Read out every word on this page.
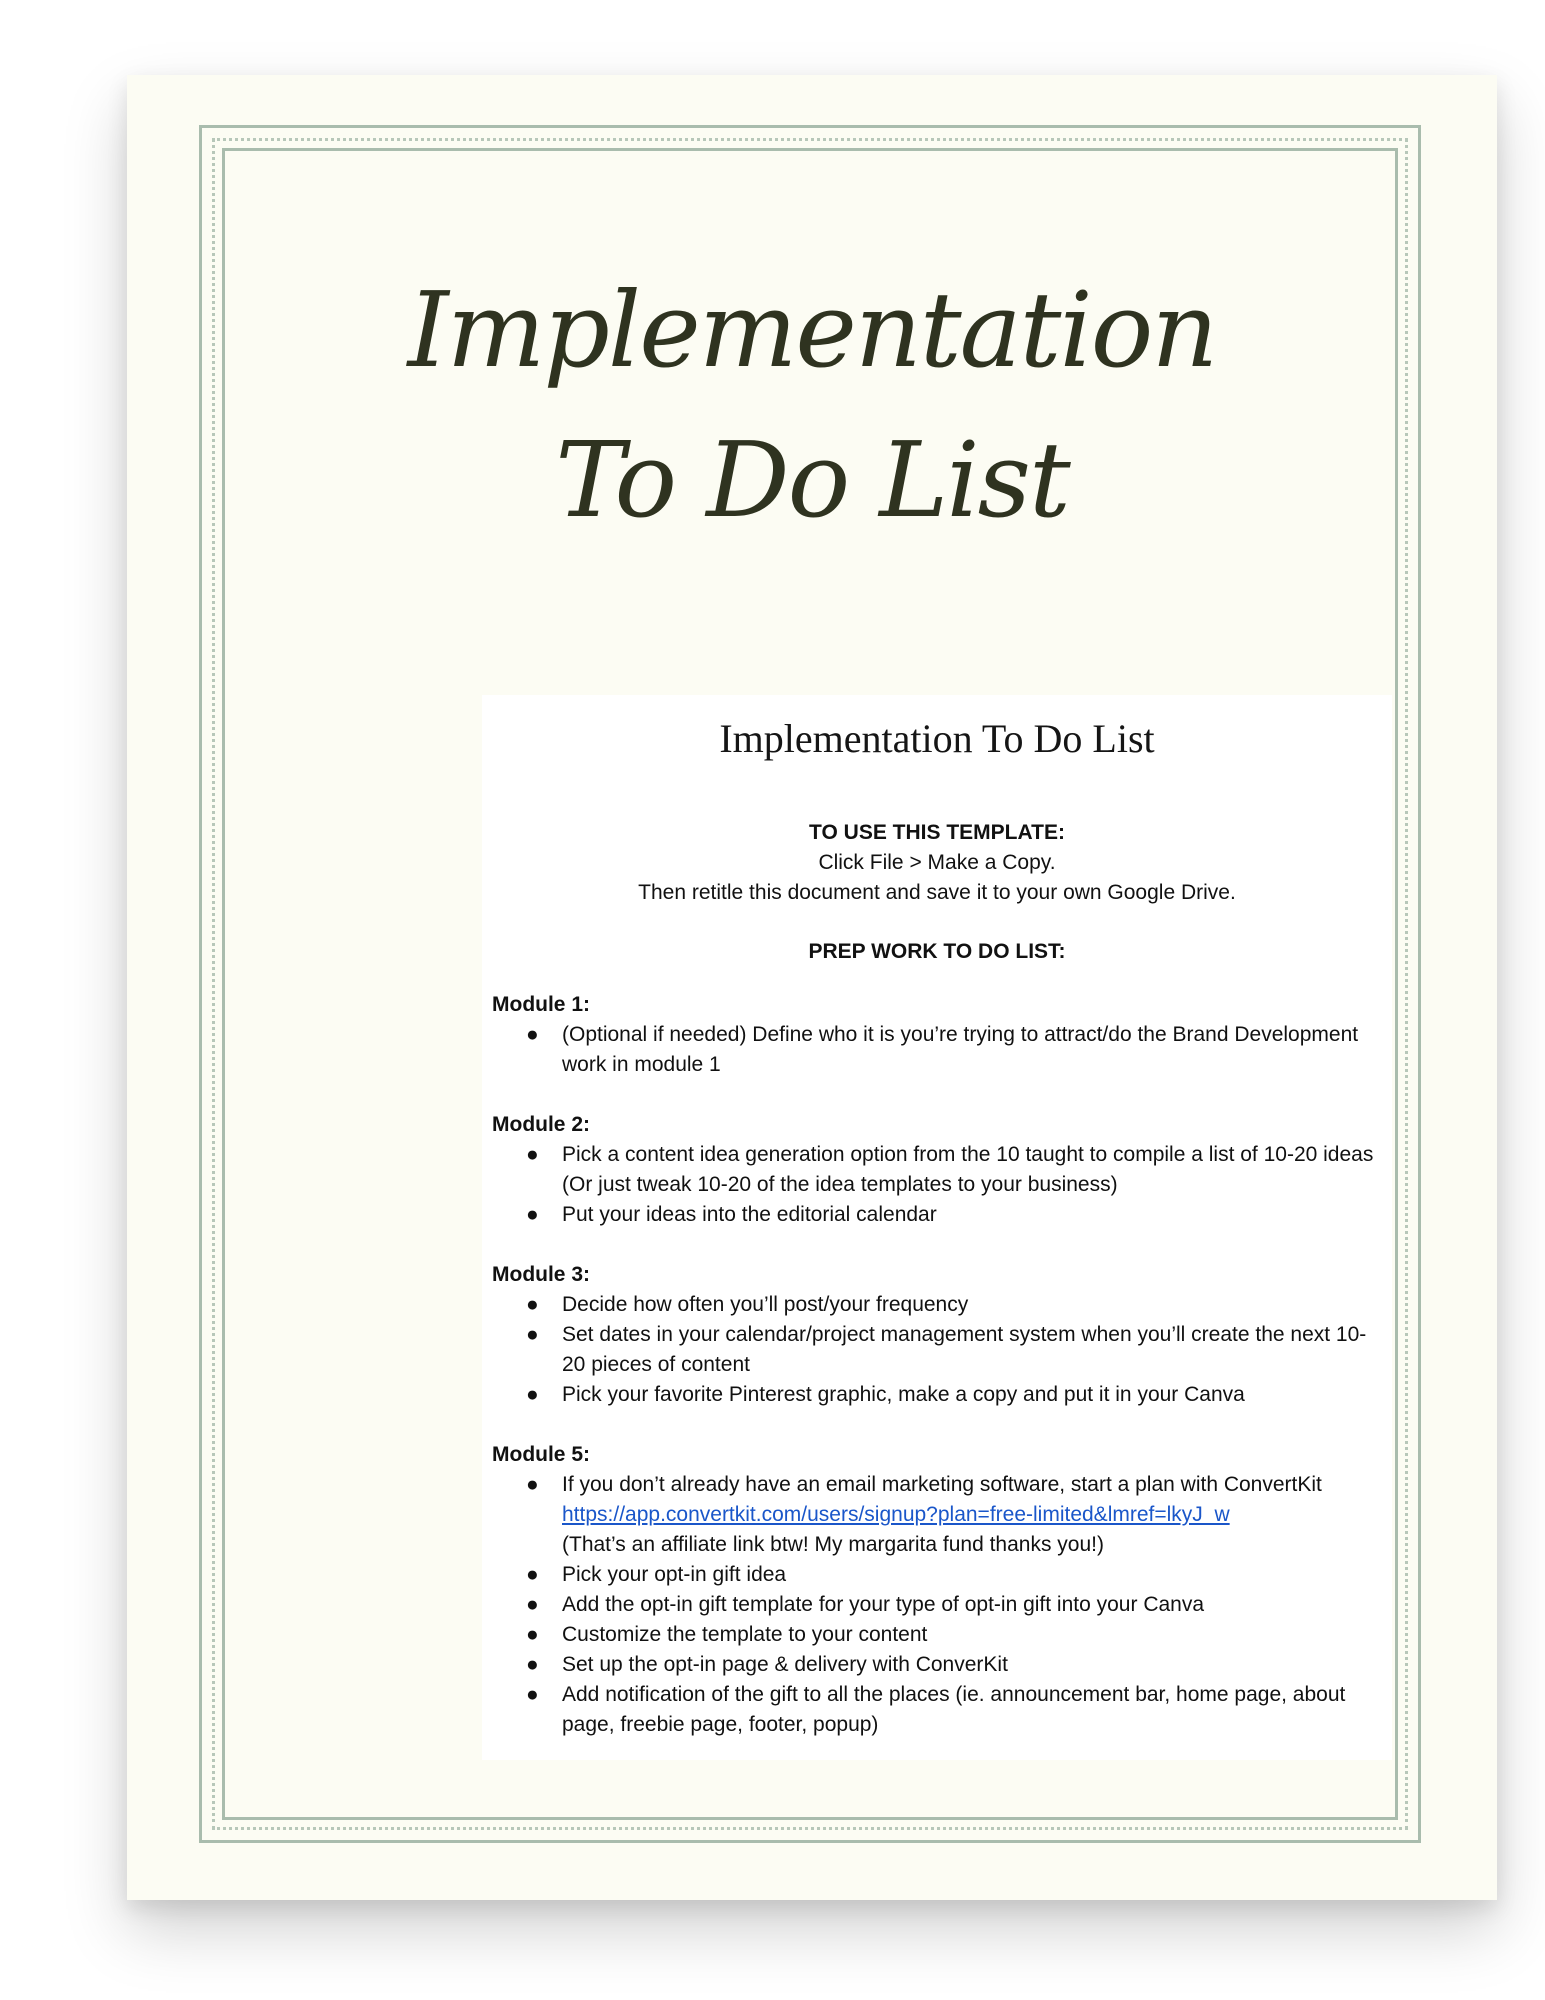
Implementation
To Do List
Implementation To Do List
TO USE THIS TEMPLATE:
Click File > Make a Copy.
Then retitle this document and save it to your own Google Drive.
PREP WORK TO DO LIST:
Module 1:
● (Optional if needed) Define who it is you’re trying to attract/do the Brand Development work in module 1
Module 2:
● Pick a content idea generation option from the 10 taught to compile a list of 10-20 ideas (Or just tweak 10-20 of the idea templates to your business)
● Put your ideas into the editorial calendar
Module 3:
● Decide how often you’ll post/your frequency
● Set dates in your calendar/project management system when you’ll create the next 10-20 pieces of content
● Pick your favorite Pinterest graphic, make a copy and put it in your Canva
Module 5:
● If you don’t already have an email marketing software, start a plan with ConvertKit
https://app.convertkit.com/users/signup?plan=free-limited&lmref=lkyJ_w
(That’s an affiliate link btw! My margarita fund thanks you!)
● Pick your opt-in gift idea
● Add the opt-in gift template for your type of opt-in gift into your Canva
● Customize the template to your content
● Set up the opt-in page & delivery with ConverKit
● Add notification of the gift to all the places (ie. announcement bar, home page, about page, freebie page, footer, popup)
